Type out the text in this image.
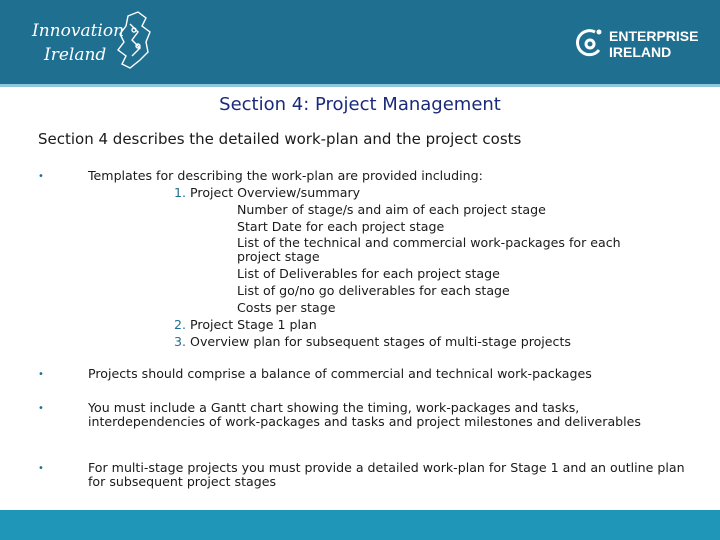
Innovation
Ireland
ENTERPRISE
IRELAND
Section 4: Project Management
Section 4 describes the detailed work-plan and the project costs
•	Templates for describing the work-plan are provided including:
1. Project Overview/summary
Number of stage/s and aim of each project stage
Start Date for each project stage
List of the technical and commercial work-packages for each
project stage
List of Deliverables for each project stage
List of go/no go deliverables for each stage
Costs per stage
2. Project Stage 1 plan
3. Overview plan for subsequent stages of multi-stage projects
•	Projects should comprise a balance of commercial and technical work-packages
•	You must include a Gantt chart showing the timing, work-packages and tasks, interdependencies of work-packages and tasks and project milestones and deliverables
•	For multi-stage projects you must provide a detailed work-plan for Stage 1 and an outline plan for subsequent project stages
